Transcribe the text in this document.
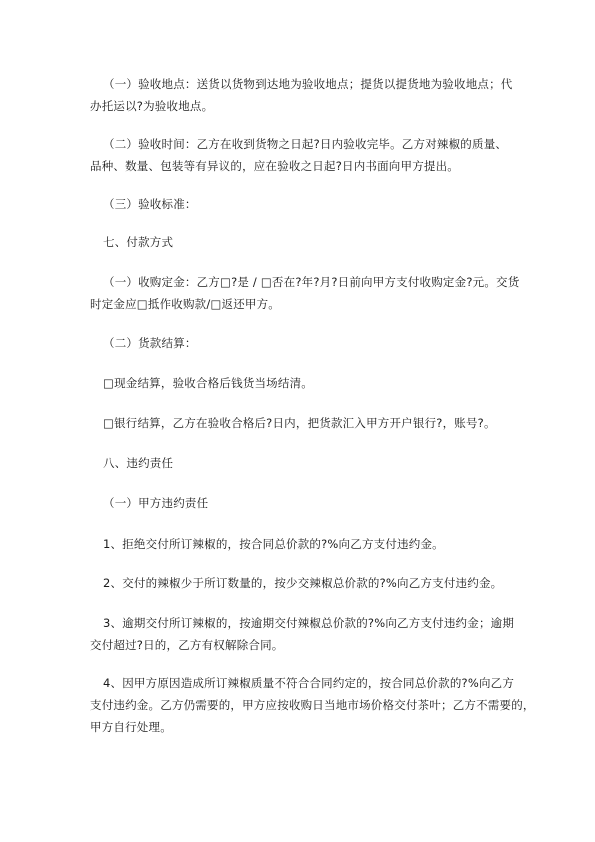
（一）验收地点：送货以货物到达地为验收地点；提货以提货地为验收地点；代
办托运以?为验收地点。
（二）验收时间：乙方在收到货物之日起?日内验收完毕。乙方对辣椒的质量、
品种、数量、包装等有异议的，应在验收之日起?日内书面向甲方提出。
（三）验收标准：
七、付款方式
（一）收购定金：乙方□?是 / □否在?年?月?日前向甲方支付收购定金?元。交货
时定金应□抵作收购款/□返还甲方。
（二）货款结算：
□现金结算，验收合格后钱货当场结清。
□银行结算，乙方在验收合格后?日内，把货款汇入甲方开户银行?，账号?。
八、违约责任
（一）甲方违约责任
1、拒绝交付所订辣椒的，按合同总价款的?%向乙方支付违约金。
2、交付的辣椒少于所订数量的，按少交辣椒总价款的?%向乙方支付违约金。
3、逾期交付所订辣椒的，按逾期交付辣椒总价款的?%向乙方支付违约金；逾期
交付超过?日的，乙方有权解除合同。
4、因甲方原因造成所订辣椒质量不符合合同约定的，按合同总价款的?%向乙方
支付违约金。乙方仍需要的，甲方应按收购日当地市场价格交付茶叶；乙方不需要的，
甲方自行处理。
